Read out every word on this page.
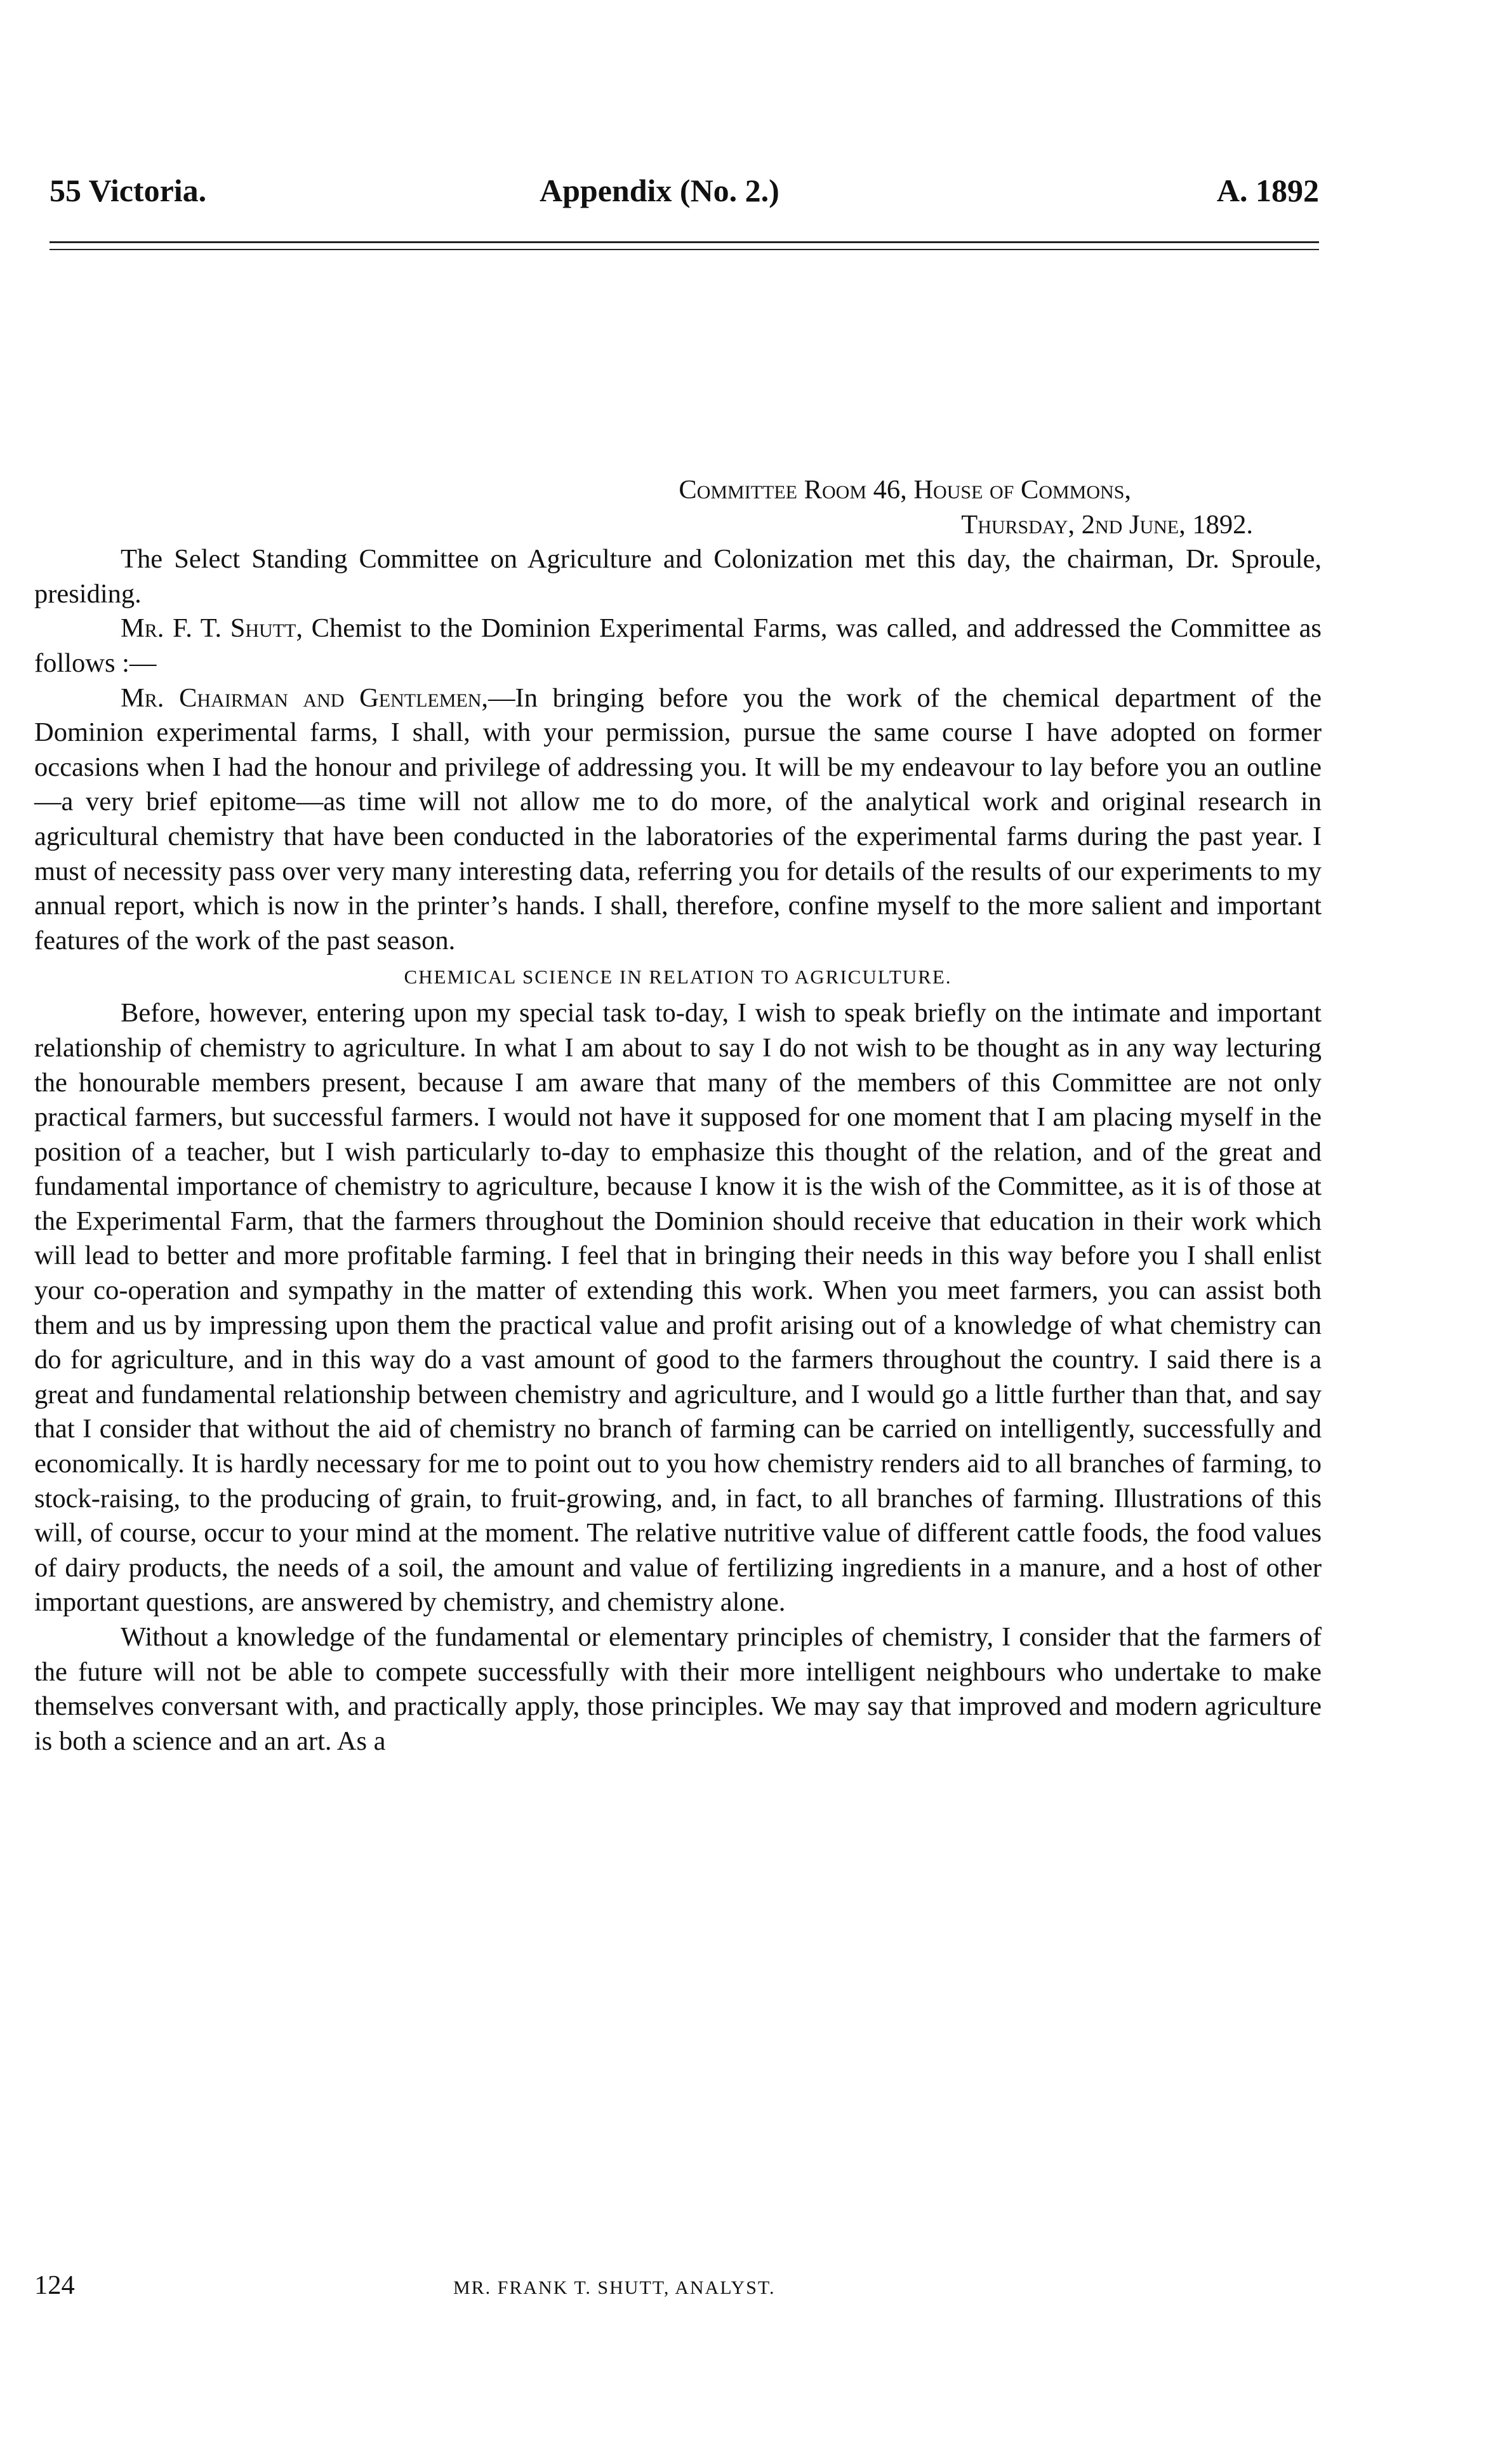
55 Victoria.	Appendix (No. 2.)	A. 1892

Committee Room 46, House of Commons,

Thursday, 2nd June, 1892.

The Select Standing Committee on Agriculture and Colonization met this day, the chairman, Dr. Sproule, presiding.

Mr. F. T. Shutt, Chemist to the Dominion Experimental Farms, was called, and addressed the Committee as follows :—

Mr. Chairman and Gentlemen,—In bringing before you the work of the chemical department of the Dominion experimental farms, I shall, with your permission, pursue the same course I have adopted on former occasions when I had the honour and privilege of addressing you. It will be my endeavour to lay before you an outline —a very brief epitome—as time will not allow me to do more, of the analytical work and original research in agricultural chemistry that have been conducted in the laboratories of the experimental farms during the past year. I must of necessity pass over very many interesting data, referring you for details of the results of our experiments to my annual report, which is now in the printer’s hands. I shall, therefore, confine myself to the more salient and important features of the work of the past season.

CHEMICAL SCIENCE IN RELATION TO AGRICULTURE.

Before, however, entering upon my special task to-day, I wish to speak briefly on the intimate and important relationship of chemistry to agriculture. In what I am about to say I do not wish to be thought as in any way lecturing the honourable members present, because I am aware that many of the members of this Committee are not only practical farmers, but successful farmers. I would not have it supposed for one moment that I am placing myself in the position of a teacher, but I wish particularly to-day to emphasize this thought of the relation, and of the great and fundamental importance of chemistry to agriculture, because I know it is the wish of the Committee, as it is of those at the Experimental Farm, that the farmers throughout the Dominion should receive that education in their work which will lead to better and more profitable farming. I feel that in bringing their needs in this way before you I shall enlist your co-operation and sympathy in the matter of extending this work. When you meet farmers, you can assist both them and us by impressing upon them the practical value and profit arising out of a knowledge of what chemistry can do for agriculture, and in this way do a vast amount of good to the farmers throughout the country. I said there is a great and fundamental relationship between chemistry and agriculture, and I would go a little further than that, and say that I consider that without the aid of chemistry no branch of farming can be carried on intelligently, successfully and economically. It is hardly necessary for me to point out to you how chemistry renders aid to all branches of farming, to stock-raising, to the producing of grain, to fruit-growing, and, in fact, to all branches of farming. Illustrations of this will, of course, occur to your mind at the moment. The relative nutritive value of different cattle foods, the food values of dairy products, the needs of a soil, the amount and value of fertilizing ingredients in a manure, and a host of other important questions, are answered by chemistry, and chemistry alone.

Without a knowledge of the fundamental or elementary principles of chemistry, I consider that the farmers of the future will not be able to compete successfully with their more intelligent neighbours who undertake to make themselves conversant with, and practically apply, those principles. We may say that improved and modern agriculture is both a science and an art. As a

124	MR. FRANK T. SHUTT, ANALYST.
